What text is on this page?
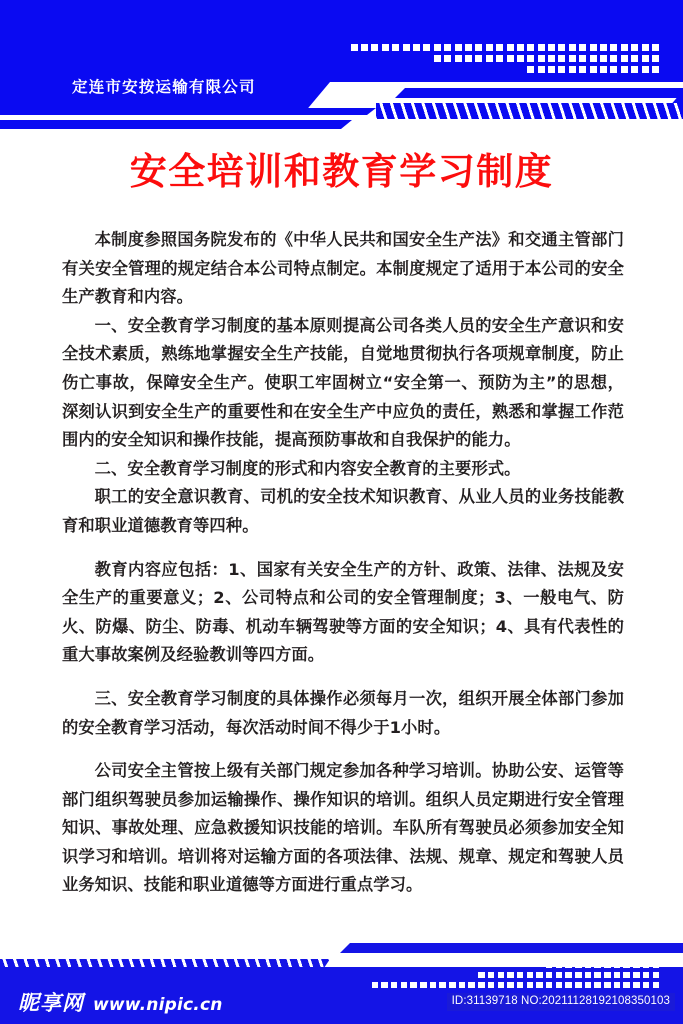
定连市安按运输有限公司
安全培训和教育学习制度

本制度参照国务院发布的《中华人民共和国安全生产法》和交通主管部门有关安全管理的规定结合本公司特点制定。本制度规定了适用于本公司的安全生产教育和内容。

一、安全教育学习制度的基本原则提高公司各类人员的安全生产意识和安全技术素质，熟练地掌握安全生产技能，自觉地贯彻执行各项规章制度，防止伤亡事故，保障安全生产。使职工牢固树立“安全第一、预防为主”的思想，深刻认识到安全生产的重要性和在安全生产中应负的责任，熟悉和掌握工作范围内的安全知识和操作技能，提高预防事故和自我保护的能力。

二、安全教育学习制度的形式和内容安全教育的主要形式。

职工的安全意识教育、司机的安全技术知识教育、从业人员的业务技能教育和职业道德教育等四种。

教育内容应包括：1、国家有关安全生产的方针、政策、法律、法规及安全生产的重要意义；2、公司特点和公司的安全管理制度；3、一般电气、防火、防爆、防尘、防毒、机动车辆驾驶等方面的安全知识；4、具有代表性的重大事故案例及经验教训等四方面。

三、安全教育学习制度的具体操作必须每月一次，组织开展全体部门参加的安全教育学习活动，每次活动时间不得少于1小时。

公司安全主管按上级有关部门规定参加各种学习培训。协助公安、运管等部门组织驾驶员参加运输操作、操作知识的培训。组织人员定期进行安全管理知识、事故处理、应急救援知识技能的培训。车队所有驾驶员必须参加安全知识学习和培训。培训将对运输方面的各项法律、法规、规章、规定和驾驶人员业务知识、技能和职业道德等方面进行重点学习。

昵享网 www.nipic.cn	ID:31139718 NO:20211128192108350103
